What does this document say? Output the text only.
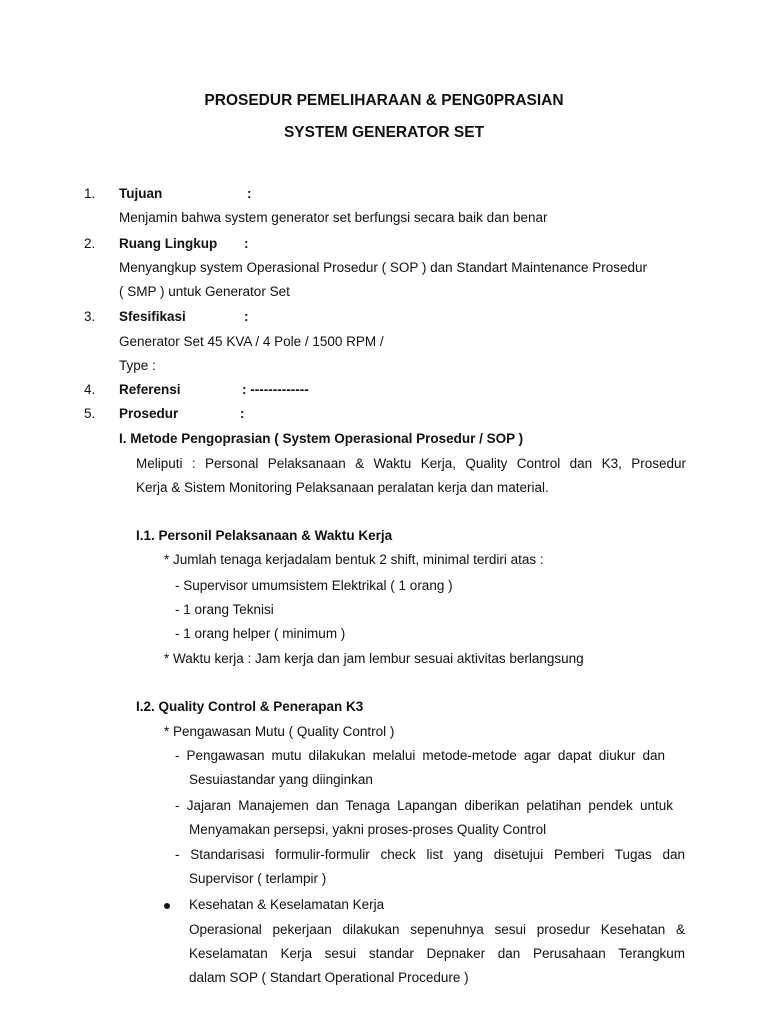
PROSEDUR PEMELIHARAAN & PENG0PRASIAN
SYSTEM GENERATOR SET
1. Tujuan	:
Menjamin bahwa system generator set berfungsi secara baik dan benar
2. Ruang Lingkup :
Menyangkup system Operasional Prosedur ( SOP ) dan Standart Maintenance Prosedur
( SMP ) untuk Generator Set
3. Sfesifikasi	:
Generator Set 45 KVA / 4 Pole / 1500 RPM /
Type :
4. Referensi	: -------------
5. Prosedur	:
I. Metode Pengoprasian ( System Operasional Prosedur / SOP )
Meliputi : Personal Pelaksanaan & Waktu Kerja, Quality Control dan K3, Prosedur
Kerja & Sistem Monitoring Pelaksanaan peralatan kerja dan material.
I.1. Personil Pelaksanaan & Waktu Kerja
* Jumlah tenaga kerjadalam bentuk 2 shift, minimal terdiri atas :
- Supervisor umumsistem Elektrikal ( 1 orang )
- 1 orang Teknisi
- 1 orang helper ( minimum )
* Waktu kerja : Jam kerja dan jam lembur sesuai aktivitas berlangsung
I.2. Quality Control & Penerapan K3
* Pengawasan Mutu ( Quality Control )
- Pengawasan mutu dilakukan melalui metode-metode agar dapat diukur dan
Sesuiastandar yang diinginkan
- Jajaran Manajemen dan Tenaga Lapangan diberikan pelatihan pendek untuk
Menyamakan persepsi, yakni proses-proses Quality Control
- Standarisasi formulir-formulir check list yang disetujui Pemberi Tugas dan
Supervisor ( terlampir )
Kesehatan & Keselamatan Kerja
Operasional pekerjaan dilakukan sepenuhnya sesui prosedur Kesehatan &
Keselamatan Kerja sesui standar Depnaker dan Perusahaan Terangkum
dalam SOP ( Standart Operational Procedure )
